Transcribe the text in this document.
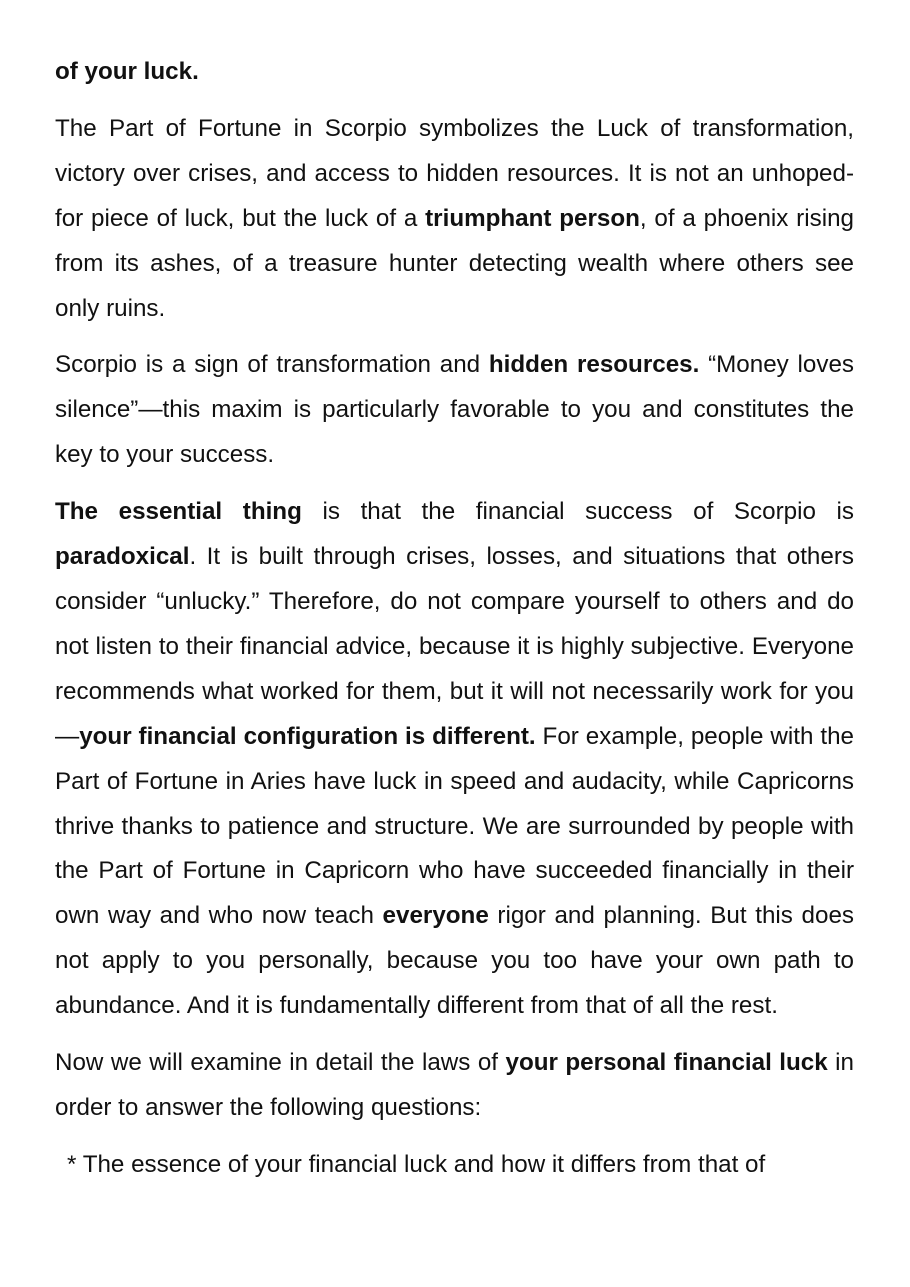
of your luck.

The Part of Fortune in Scorpio symbolizes the Luck of transformation, victory over crises, and access to hidden resources. It is not an unhoped-for piece of luck, but the luck of a triumphant person, of a phoenix rising from its ashes, of a treasure hunter detecting wealth where others see only ruins.

Scorpio is a sign of transformation and hidden resources. “Money loves silence”—this maxim is particularly favorable to you and constitutes the key to your success.

The essential thing is that the financial success of Scorpio is paradoxical. It is built through crises, losses, and situations that others consider “unlucky.” Therefore, do not compare yourself to others and do not listen to their financial advice, because it is highly subjective. Everyone recommends what worked for them, but it will not necessarily work for you—your financial configuration is different. For example, people with the Part of Fortune in Aries have luck in speed and audacity, while Capricorns thrive thanks to patience and structure. We are surrounded by people with the Part of Fortune in Capricorn who have succeeded financially in their own way and who now teach everyone rigor and planning. But this does not apply to you personally, because you too have your own path to abundance. And it is fundamentally different from that of all the rest.

Now we will examine in detail the laws of your personal financial luck in order to answer the following questions:

* The essence of your financial luck and how it differs from that of
